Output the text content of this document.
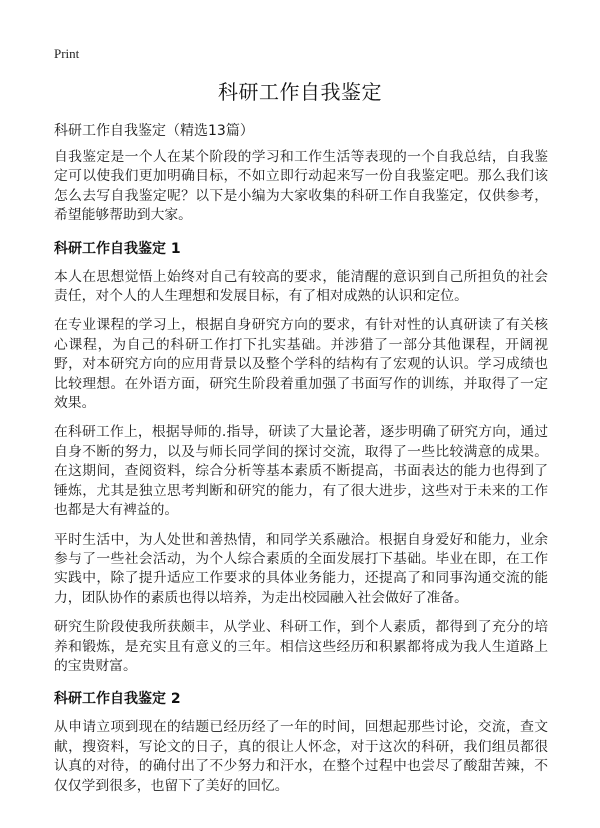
Print
科研工作自我鉴定
科研工作自我鉴定（精选13篇）

自我鉴定是一个人在某个阶段的学习和工作生活等表现的一个自我总结，自我鉴定可以使我们更加明确目标，不如立即行动起来写一份自我鉴定吧。那么我们该怎么去写自我鉴定呢？以下是小编为大家收集的科研工作自我鉴定，仅供参考，希望能够帮助到大家。

科研工作自我鉴定 1

本人在思想觉悟上始终对自己有较高的要求，能清醒的意识到自己所担负的社会责任，对个人的人生理想和发展目标，有了相对成熟的认识和定位。

在专业课程的学习上，根据自身研究方向的要求，有针对性的认真研读了有关核心课程，为自己的科研工作打下扎实基础。并涉猎了一部分其他课程，开阔视野，对本研究方向的应用背景以及整个学科的结构有了宏观的认识。学习成绩也比较理想。在外语方面，研究生阶段着重加强了书面写作的训练，并取得了一定效果。

在科研工作上，根据导师的.指导，研读了大量论著，逐步明确了研究方向，通过自身不断的努力，以及与师长同学间的探讨交流，取得了一些比较满意的成果。在这期间，查阅资料，综合分析等基本素质不断提高，书面表达的能力也得到了锤炼，尤其是独立思考判断和研究的能力，有了很大进步，这些对于未来的工作也都是大有裨益的。

平时生活中，为人处世和善热情，和同学关系融洽。根据自身爱好和能力，业余参与了一些社会活动，为个人综合素质的全面发展打下基础。毕业在即，在工作实践中，除了提升适应工作要求的具体业务能力，还提高了和同事沟通交流的能力，团队协作的素质也得以培养，为走出校园融入社会做好了准备。

研究生阶段使我所获颇丰，从学业、科研工作，到个人素质，都得到了充分的培养和锻炼，是充实且有意义的三年。相信这些经历和积累都将成为我人生道路上的宝贵财富。

科研工作自我鉴定 2

从申请立项到现在的结题已经历经了一年的时间，回想起那些讨论，交流，查文献，搜资料，写论文的日子，真的很让人怀念，对于这次的科研，我们组员都很认真的对待，的确付出了不少努力和汗水，在整个过程中也尝尽了酸甜苦辣，不仅仅学到很多，也留下了美好的回忆。
